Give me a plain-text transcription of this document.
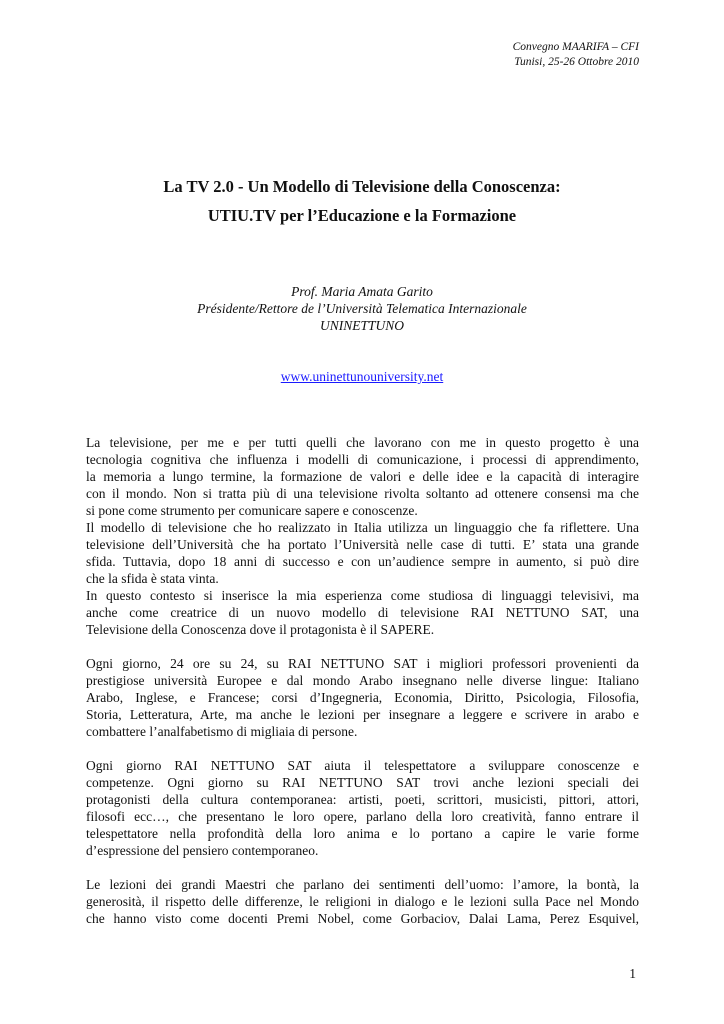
Convegno MAARIFA – CFI
Tunisi, 25-26 Ottobre 2010
La TV 2.0 - Un Modello di Televisione della Conoscenza:
UTIU.TV per l’Educazione e la Formazione
Prof. Maria Amata Garito
Présidente/Rettore de l’Università Telematica Internazionale
UNINETTUNO
www.uninettunouniversity.net
La televisione, per me e per tutti quelli che lavorano con me in questo progetto è una
tecnologia cognitiva che influenza i modelli di comunicazione, i processi di apprendimento,
la memoria a lungo termine, la formazione de valori e delle idee e la capacità di interagire
con il mondo. Non si tratta più di una televisione rivolta soltanto ad ottenere consensi ma che
si pone come strumento per comunicare sapere e conoscenze.
Il modello di televisione che ho realizzato in Italia utilizza un linguaggio che fa riflettere. Una
televisione dell’Università che ha portato l’Università nelle case di tutti. E’ stata una grande
sfida. Tuttavia, dopo 18 anni di successo e con un’audience sempre in aumento, si può dire
che la sfida è stata vinta.
In questo contesto si inserisce la mia esperienza come studiosa di linguaggi televisivi, ma
anche come creatrice di un nuovo modello di televisione RAI NETTUNO SAT, una
Televisione della Conoscenza dove il protagonista è il SAPERE.
Ogni giorno, 24 ore su 24, su RAI NETTUNO SAT i migliori professori provenienti da
prestigiose università Europee e dal mondo Arabo insegnano nelle diverse lingue: Italiano
Arabo, Inglese, e Francese; corsi d’Ingegneria, Economia, Diritto, Psicologia, Filosofia,
Storia, Letteratura, Arte, ma anche le lezioni per insegnare a leggere e scrivere in arabo e
combattere l’analfabetismo di migliaia di persone.
Ogni giorno RAI NETTUNO SAT aiuta il telespettatore a sviluppare conoscenze e
competenze. Ogni giorno su RAI NETTUNO SAT trovi anche lezioni speciali dei
protagonisti della cultura contemporanea: artisti, poeti, scrittori, musicisti, pittori, attori,
filosofi ecc…, che presentano le loro opere, parlano della loro creatività, fanno entrare il
telespettatore nella profondità della loro anima e lo portano a capire le varie forme
d’espressione del pensiero contemporaneo.
Le lezioni dei grandi Maestri che parlano dei sentimenti dell’uomo: l’amore, la bontà, la
generosità, il rispetto delle differenze, le religioni in dialogo e le lezioni sulla Pace nel Mondo
che hanno visto come docenti Premi Nobel, come Gorbaciov, Dalai Lama, Perez Esquivel,
1
